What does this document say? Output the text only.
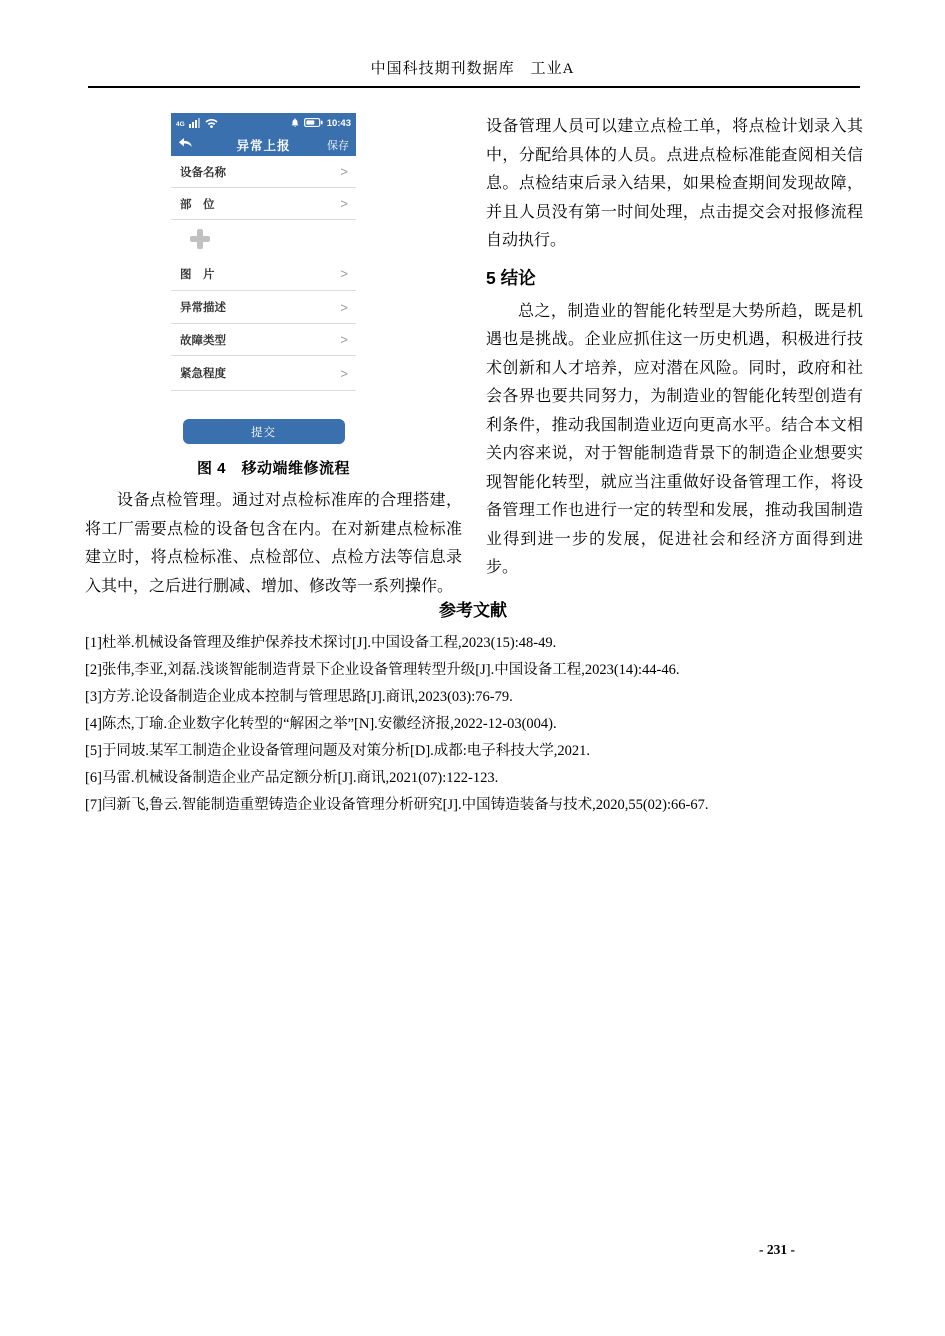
中国科技期刊数据库　工业A
4G	10:43
异常上报	保存
设备名称	>
部　位	>
图　片	>
异常描述	>
故障类型	>
紧急程度	>
提交
图 4　移动端维修流程

设备点检管理。通过对点检标准库的合理搭建，将工厂需要点检的设备包含在内。在对新建点检标准建立时，将点检标准、点检部位、点检方法等信息录入其中，之后进行删减、增加、修改等一系列操作。

设备管理人员可以建立点检工单，将点检计划录入其中，分配给具体的人员。点进点检标准能查阅相关信息。点检结束后录入结果，如果检查期间发现故障，并且人员没有第一时间处理，点击提交会对报修流程自动执行。

5 结论

总之，制造业的智能化转型是大势所趋，既是机遇也是挑战。企业应抓住这一历史机遇，积极进行技术创新和人才培养，应对潜在风险。同时，政府和社会各界也要共同努力，为制造业的智能化转型创造有利条件，推动我国制造业迈向更高水平。结合本文相关内容来说，对于智能制造背景下的制造企业想要实现智能化转型，就应当注重做好设备管理工作，将设备管理工作也进行一定的转型和发展，推动我国制造业得到进一步的发展，促进社会和经济方面得到进步。

参考文献
[1]杜举.机械设备管理及维护保养技术探讨[J].中国设备工程,2023(15):48-49.
[2]张伟,李亚,刘磊.浅谈智能制造背景下企业设备管理转型升级[J].中国设备工程,2023(14):44-46.
[3]方芳.论设备制造企业成本控制与管理思路[J].商讯,2023(03):76-79.
[4]陈杰,丁瑜.企业数字化转型的“解困之举”[N].安徽经济报,2022-12-03(004).
[5]于同坡.某军工制造企业设备管理问题及对策分析[D].成都:电子科技大学,2021.
[6]马雷.机械设备制造企业产品定额分析[J].商讯,2021(07):122-123.
[7]闫新飞,鲁云.智能制造重塑铸造企业设备管理分析研究[J].中国铸造装备与技术,2020,55(02):66-67.
- 231 -
